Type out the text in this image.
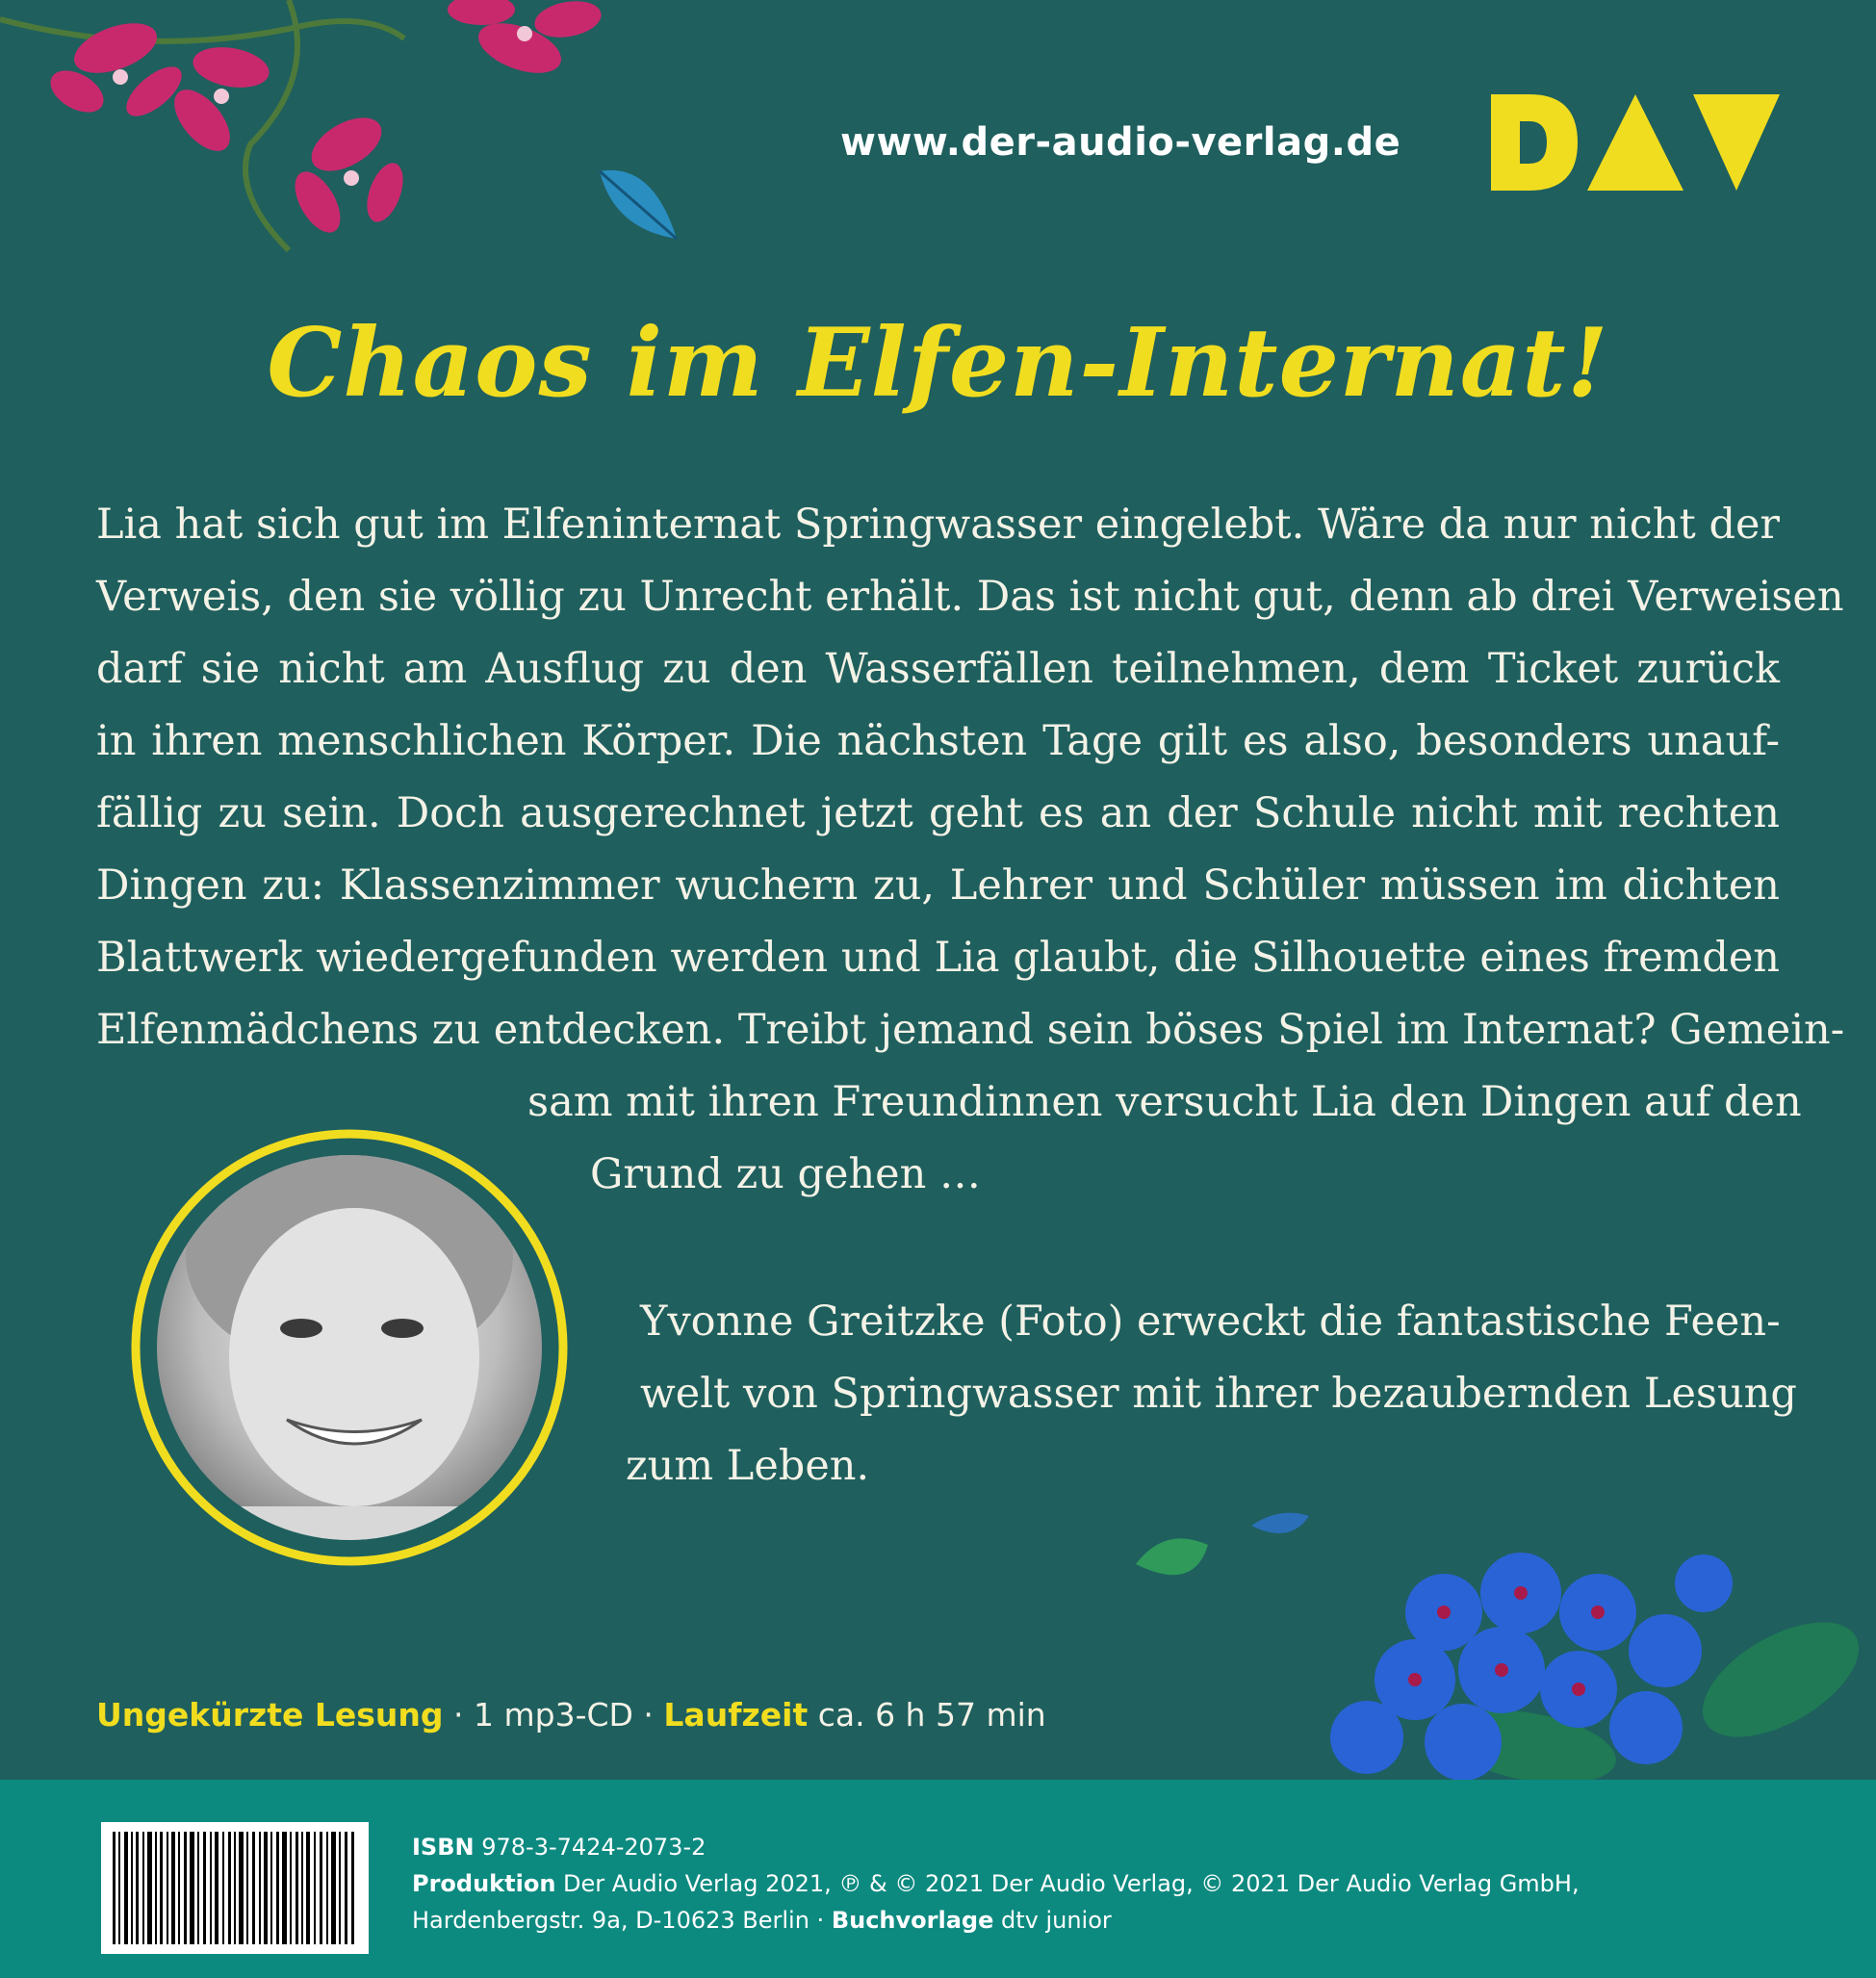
www.der-audio-verlag.de
Chaos im Elfen-Internat!
Lia hat sich gut im Elfeninternat Springwasser eingelebt. Wäre da nur nicht der
Verweis, den sie völlig zu Unrecht erhält. Das ist nicht gut, denn ab drei Verweisen
darf sie nicht am Ausflug zu den Wasserfällen teilnehmen, dem Ticket zurück
in ihren menschlichen Körper. Die nächsten Tage gilt es also, besonders unauf-
fällig zu sein. Doch ausgerechnet jetzt geht es an der Schule nicht mit rechten
Dingen zu: Klassenzimmer wuchern zu, Lehrer und Schüler müssen im dichten
Blattwerk wiedergefunden werden und Lia glaubt, die Silhouette eines fremden
Elfenmädchens zu entdecken. Treibt jemand sein böses Spiel im Internat? Gemein-
sam mit ihren Freundinnen versucht Lia den Dingen auf den
Grund zu gehen …
Yvonne Greitzke (Foto) erweckt die fantastische Feen-
welt von Springwasser mit ihrer bezaubernden Lesung
zum Leben.
Ungekürzte Lesung · 1 mp3-CD · Laufzeit ca. 6 h 57 min
ISBN 978-3-7424-2073-2
Produktion Der Audio Verlag 2021, ℗ & © 2021 Der Audio Verlag, © 2021 Der Audio Verlag GmbH,
Hardenbergstr. 9a, D-10623 Berlin · Buchvorlage dtv junior
